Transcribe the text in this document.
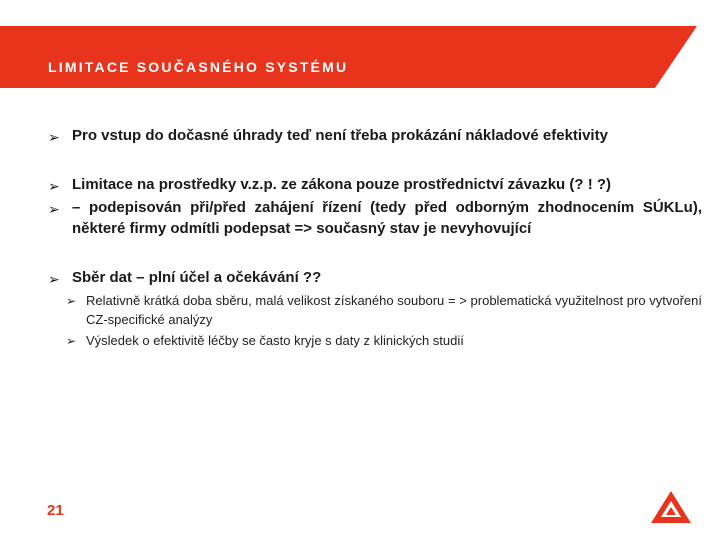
LIMITACE SOUČASNÉHO SYSTÉMU
➢ Pro vstup do dočasné úhrady teď není třeba prokázání nákladové efektivity
➢ Limitace na prostředky v.z.p. ze zákona pouze prostřednictví závazku (? ! ?)
➢ – podepisován při/před zahájení řízení (tedy před odborným zhodnocením SÚKLu), některé firmy odmítli podepsat => současný stav je nevyhovující
➢ Sběr dat – plní účel a očekávání ??
➢ Relativně krátká doba sběru, malá velikost získaného souboru = > problematická využitelnost pro vytvoření CZ-specifické analýzy
➢ Výsledek o efektivitě léčby se často kryje s daty z klinických studií
21
